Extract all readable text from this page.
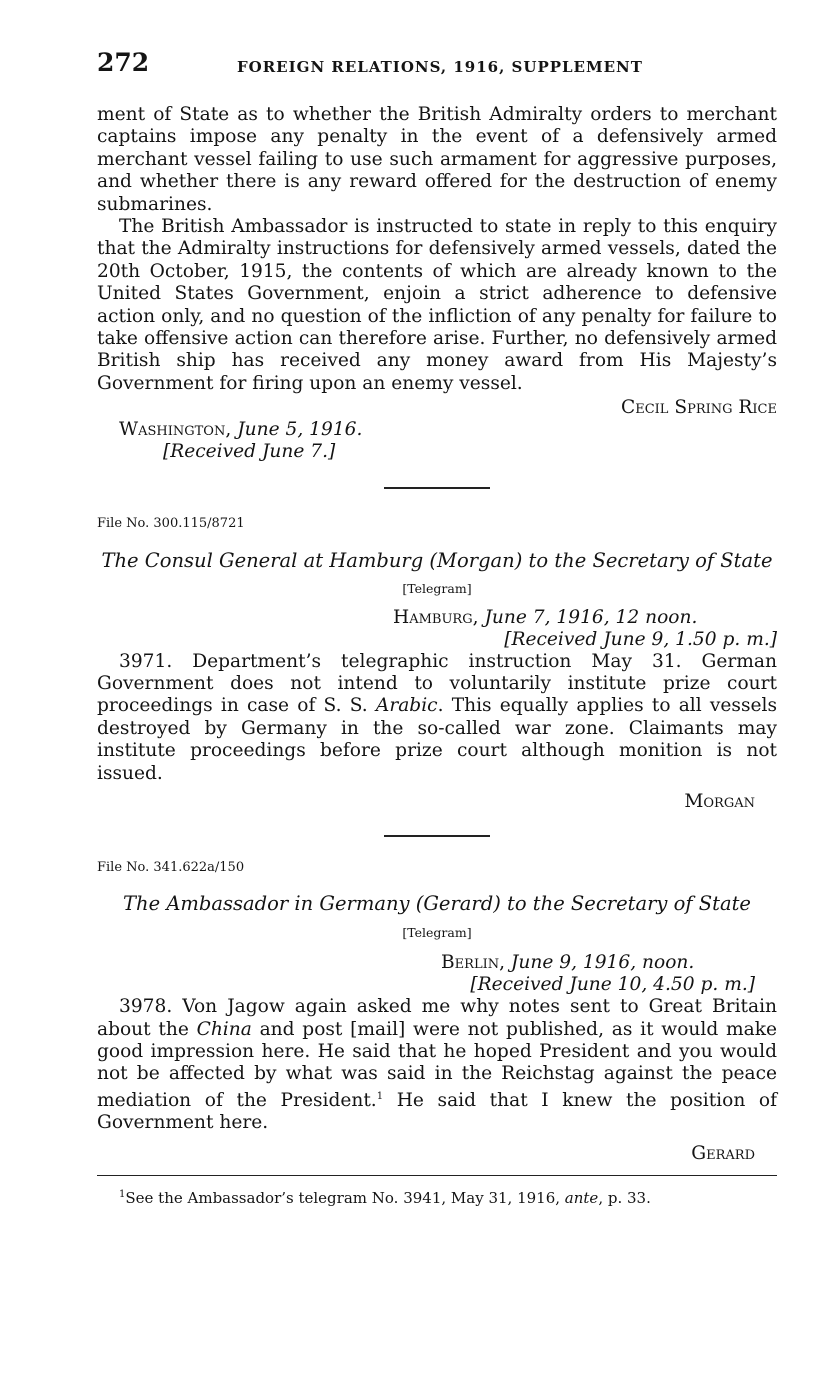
272	FOREIGN RELATIONS, 1916, SUPPLEMENT

ment of State as to whether the British Admiralty orders to merchant captains impose any penalty in the event of a defensively armed merchant vessel failing to use such armament for aggressive purposes, and whether there is any reward offered for the destruction of enemy submarines.

The British Ambassador is instructed to state in reply to this enquiry that the Admiralty instructions for defensively armed vessels, dated the 20th October, 1915, the contents of which are already known to the United States Government, enjoin a strict adherence to defensive action only, and no question of the infliction of any penalty for failure to take offensive action can therefore arise. Further, no defensively armed British ship has received any money award from His Majesty’s Government for firing upon an enemy vessel.

Cecil Spring Rice
Washington, June 5, 1916.
[Received June 7.]

File No. 300.115/8721

The Consul General at Hamburg (Morgan) to the Secretary of State

[Telegram]

Hamburg, June 7, 1916, 12 noon.
[Received June 9, 1.50 p. m.]

3971. Department’s telegraphic instruction May 31. German Government does not intend to voluntarily institute prize court proceedings in case of S. S. Arabic. This equally applies to all vessels destroyed by Germany in the so-called war zone. Claimants may institute proceedings before prize court although monition is not issued.

Morgan

File No. 341.622a/150

The Ambassador in Germany (Gerard) to the Secretary of State

[Telegram]

Berlin, June 9, 1916, noon.
[Received June 10, 4.50 p. m.]

3978. Von Jagow again asked me why notes sent to Great Britain about the China and post [mail] were not published, as it would make good impression here. He said that he hoped President and you would not be affected by what was said in the Reichstag against the peace mediation of the President.$^1$ He said that I knew the position of Government here.

Gerard

$^1$See the Ambassador’s telegram No. 3941, May 31, 1916, ante, p. 33.
